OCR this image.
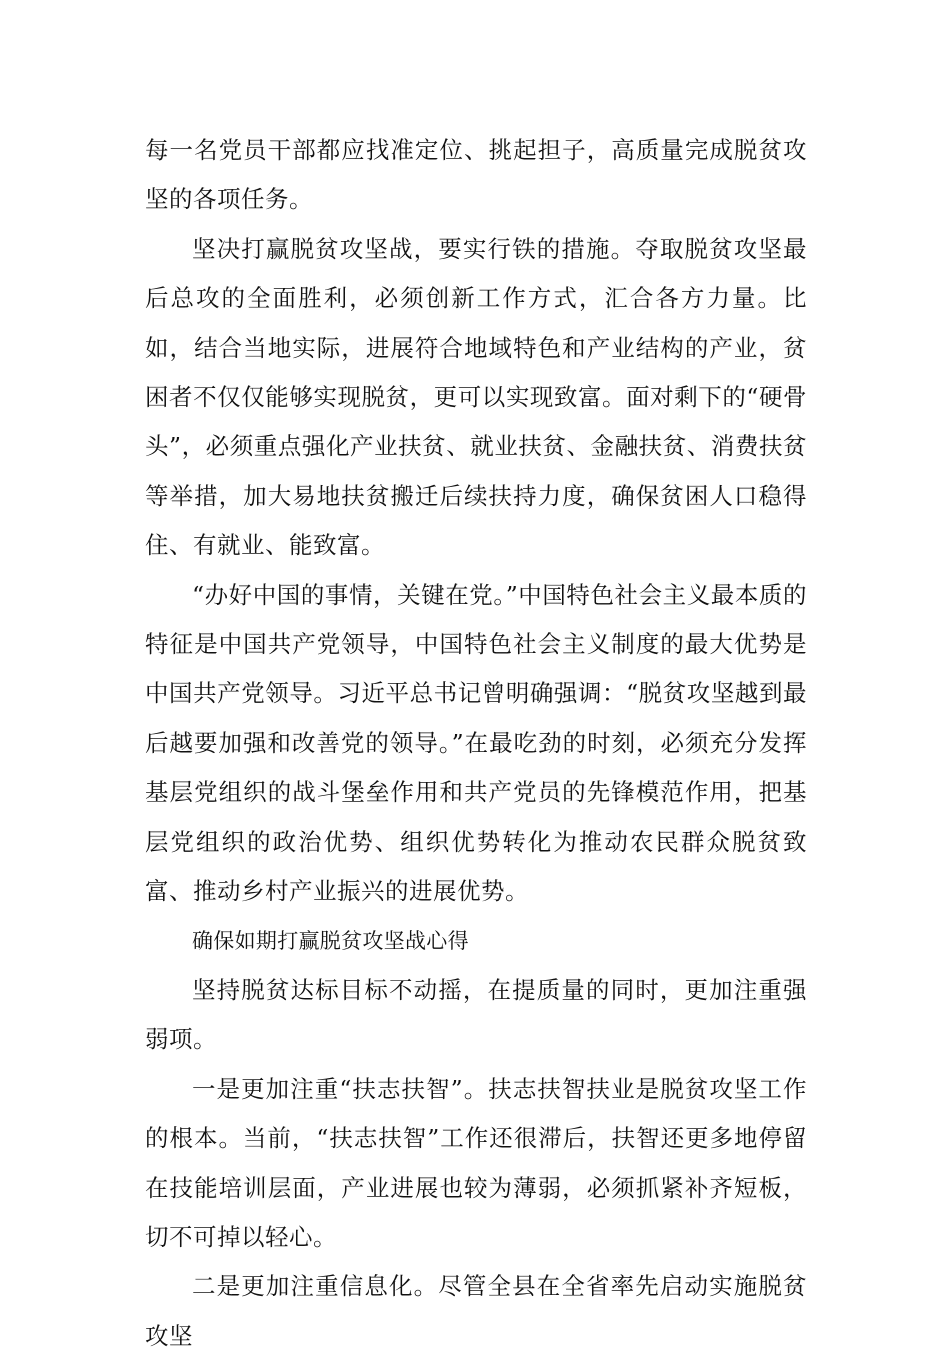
每一名党员干部都应找准定位、挑起担子，高质量完成脱贫攻坚的各项任务。

坚决打赢脱贫攻坚战，要实行铁的措施。夺取脱贫攻坚最后总攻的全面胜利，必须创新工作方式，汇合各方力量。比如，结合当地实际，进展符合地域特色和产业结构的产业，贫困者不仅仅能够实现脱贫，更可以实现致富。面对剩下的“硬骨头”，必须重点强化产业扶贫、就业扶贫、金融扶贫、消费扶贫等举措，加大易地扶贫搬迁后续扶持力度，确保贫困人口稳得住、有就业、能致富。

“办好中国的事情，关键在党。”中国特色社会主义最本质的特征是中国共产党领导，中国特色社会主义制度的最大优势是中国共产党领导。习近平总书记曾明确强调：“脱贫攻坚越到最后越要加强和改善党的领导。”在最吃劲的时刻，必须充分发挥基层党组织的战斗堡垒作用和共产党员的先锋模范作用，把基层党组织的政治优势、组织优势转化为推动农民群众脱贫致富、推动乡村产业振兴的进展优势。

确保如期打赢脱贫攻坚战心得

坚持脱贫达标目标不动摇，在提质量的同时，更加注重强弱项。

一是更加注重“扶志扶智”。扶志扶智扶业是脱贫攻坚工作的根本。当前，“扶志扶智”工作还很滞后，扶智还更多地停留在技能培训层面，产业进展也较为薄弱，必须抓紧补齐短板，切不可掉以轻心。

二是更加注重信息化。尽管全县在全省率先启动实施脱贫攻坚
